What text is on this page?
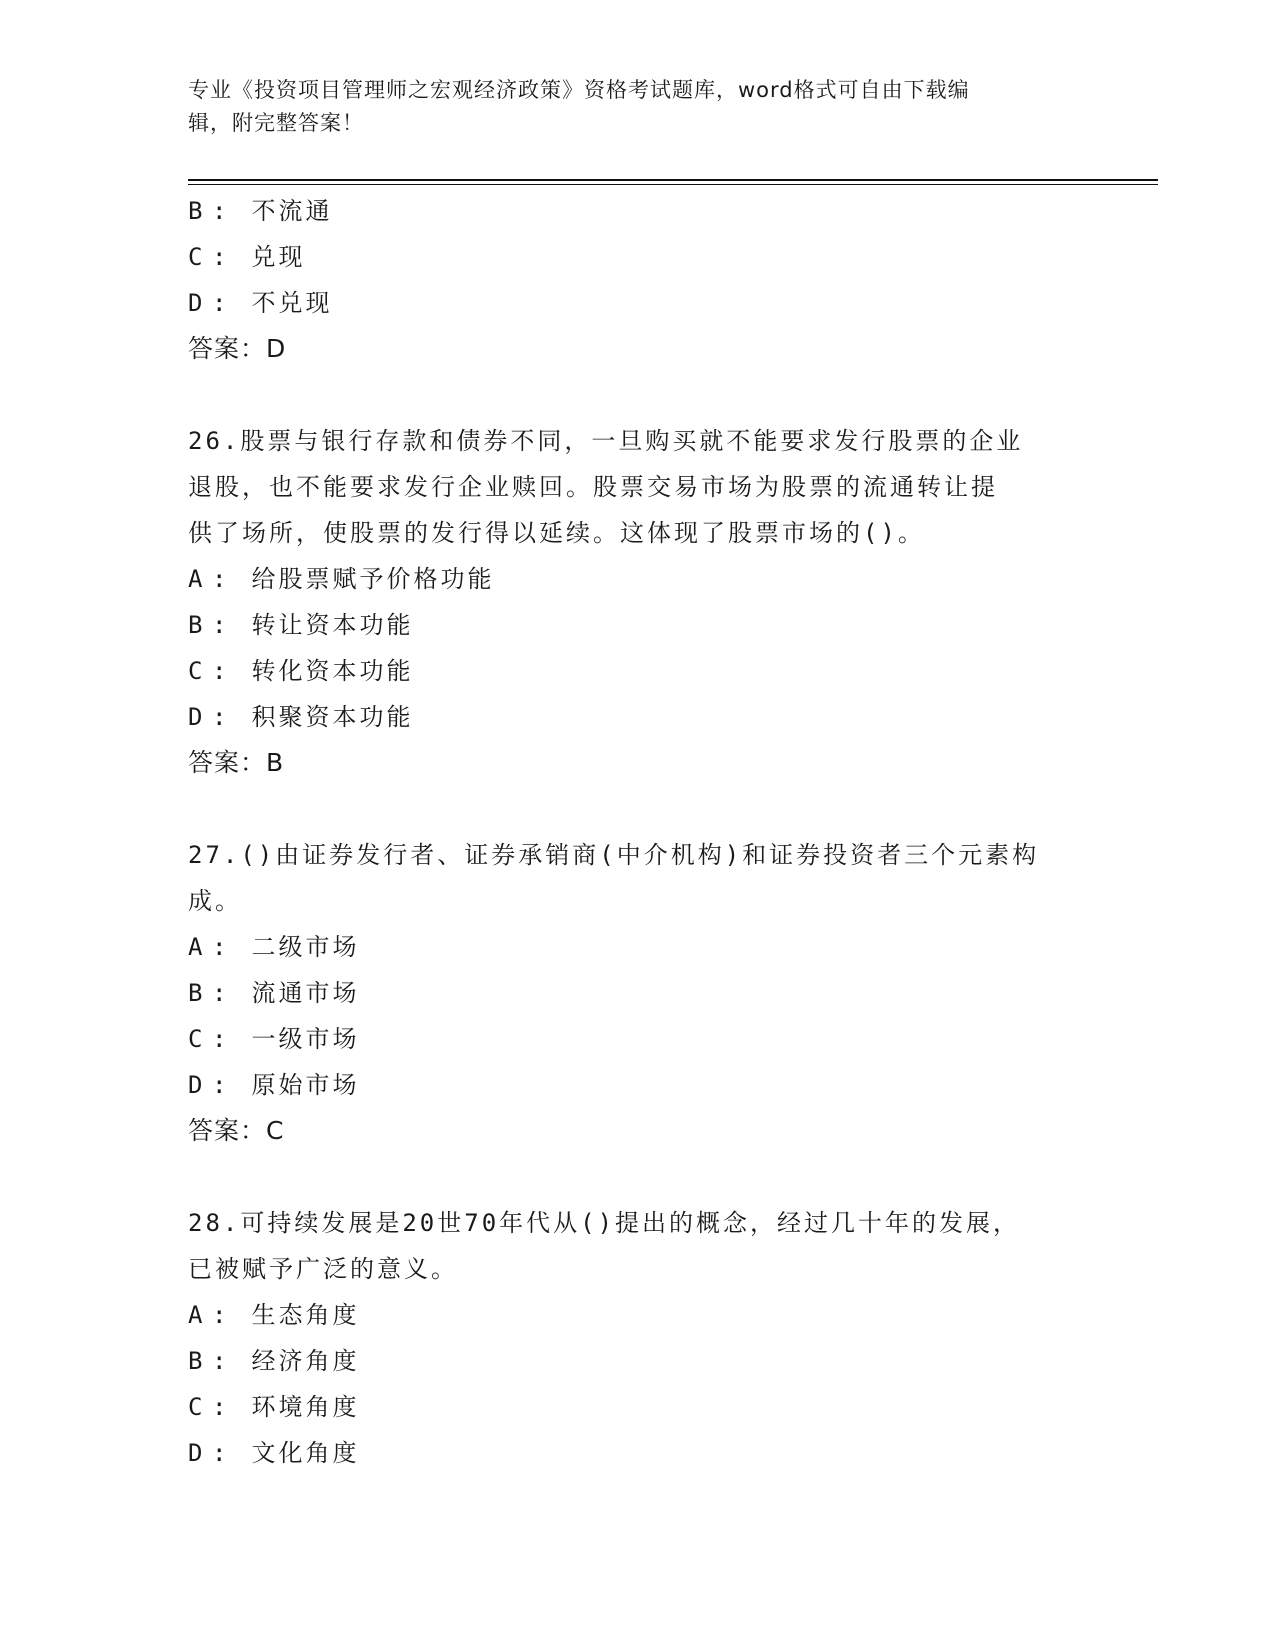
专业《投资项目管理师之宏观经济政策》资格考试题库，word格式可自由下载编
辑，附完整答案！
B : 不流通
C : 兑现
D : 不兑现
答案：D
26.股票与银行存款和债券不同，一旦购买就不能要求发行股票的企业
退股，也不能要求发行企业赎回。股票交易市场为股票的流通转让提
供了场所，使股票的发行得以延续。这体现了股票市场的()。
A : 给股票赋予价格功能
B : 转让资本功能
C : 转化资本功能
D : 积聚资本功能
答案：B
27.()由证券发行者、证券承销商(中介机构)和证券投资者三个元素构
成。
A : 二级市场
B : 流通市场
C : 一级市场
D : 原始市场
答案：C
28.可持续发展是20世70年代从()提出的概念，经过几十年的发展，
已被赋予广泛的意义。
A : 生态角度
B : 经济角度
C : 环境角度
D : 文化角度
